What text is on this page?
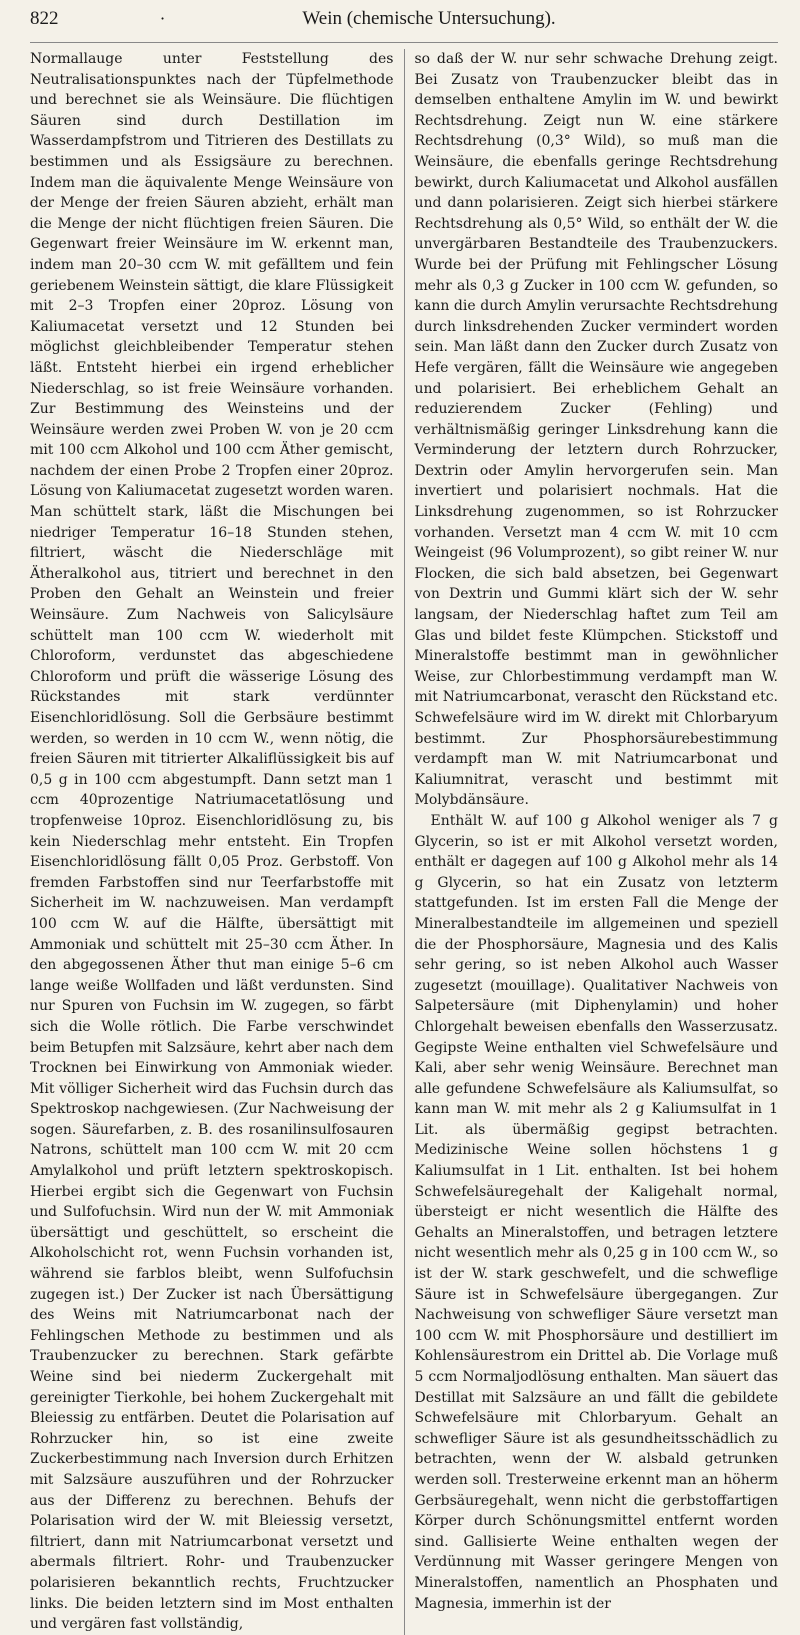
822	·	Wein (chemische Untersuchung).

Normallauge unter Feststellung des Neutralisationspunktes nach der Tüpfelmethode und berechnet sie als Weinsäure. Die flüchtigen Säuren sind durch Destillation im Wasserdampfstrom und Titrieren des Destillats zu bestimmen und als Essigsäure zu berechnen. Indem man die äquivalente Menge Weinsäure von der Menge der freien Säuren abzieht, erhält man die Menge der nicht flüchtigen freien Säuren. Die Gegenwart freier Weinsäure im W. erkennt man, indem man 20–30 ccm W. mit gefälltem und fein geriebenem Weinstein sättigt, die klare Flüssigkeit mit 2–3 Tropfen einer 20proz. Lösung von Kaliumacetat versetzt und 12 Stunden bei möglichst gleichbleibender Temperatur stehen läßt. Entsteht hierbei ein irgend erheblicher Niederschlag, so ist freie Weinsäure vorhanden. Zur Bestimmung des Weinsteins und der Weinsäure werden zwei Proben W. von je 20 ccm mit 100 ccm Alkohol und 100 ccm Äther gemischt, nachdem der einen Probe 2 Tropfen einer 20proz. Lösung von Kaliumacetat zugesetzt worden waren. Man schüttelt stark, läßt die Mischungen bei niedriger Temperatur 16–18 Stunden stehen, filtriert, wäscht die Niederschläge mit Ätheralkohol aus, titriert und berechnet in den Proben den Gehalt an Weinstein und freier Weinsäure. Zum Nachweis von Salicylsäure schüttelt man 100 ccm W. wiederholt mit Chloroform, verdunstet das abgeschiedene Chloroform und prüft die wässerige Lösung des Rückstandes mit stark verdünnter Eisenchloridlösung. Soll die Gerbsäure bestimmt werden, so werden in 10 ccm W., wenn nötig, die freien Säuren mit titrierter Alkaliflüssigkeit bis auf 0,5 g in 100 ccm abgestumpft. Dann setzt man 1 ccm 40prozentige Natriumacetatlösung und tropfenweise 10proz. Eisenchloridlösung zu, bis kein Niederschlag mehr entsteht. Ein Tropfen Eisenchloridlösung fällt 0,05 Proz. Gerbstoff. Von fremden Farbstoffen sind nur Teerfarbstoffe mit Sicherheit im W. nachzuweisen. Man verdampft 100 ccm W. auf die Hälfte, übersättigt mit Ammoniak und schüttelt mit 25–30 ccm Äther. In den abgegossenen Äther thut man einige 5–6 cm lange weiße Wollfaden und läßt verdunsten. Sind nur Spuren von Fuchsin im W. zugegen, so färbt sich die Wolle rötlich. Die Farbe verschwindet beim Betupfen mit Salzsäure, kehrt aber nach dem Trocknen bei Einwirkung von Ammoniak wieder. Mit völliger Sicherheit wird das Fuchsin durch das Spektroskop nachgewiesen. (Zur Nachweisung der sogen. Säurefarben, z. B. des rosanilinsulfosauren Natrons, schüttelt man 100 ccm W. mit 20 ccm Amylalkohol und prüft letztern spektroskopisch. Hierbei ergibt sich die Gegenwart von Fuchsin und Sulfofuchsin. Wird nun der W. mit Ammoniak übersättigt und geschüttelt, so erscheint die Alkoholschicht rot, wenn Fuchsin vorhanden ist, während sie farblos bleibt, wenn Sulfofuchsin zugegen ist.) Der Zucker ist nach Übersättigung des Weins mit Natriumcarbonat nach der Fehlingschen Methode zu bestimmen und als Traubenzucker zu berechnen. Stark gefärbte Weine sind bei niederm Zuckergehalt mit gereinigter Tierkohle, bei hohem Zuckergehalt mit Bleiessig zu entfärben. Deutet die Polarisation auf Rohrzucker hin, so ist eine zweite Zuckerbestimmung nach Inversion durch Erhitzen mit Salzsäure auszuführen und der Rohrzucker aus der Differenz zu berechnen. Behufs der Polarisation wird der W. mit Bleiessig versetzt, filtriert, dann mit Natriumcarbonat versetzt und abermals filtriert. Rohr- und Traubenzucker polarisieren bekanntlich rechts, Fruchtzucker links. Die beiden letztern sind im Most enthalten und vergären fast vollständig,

so daß der W. nur sehr schwache Drehung zeigt. Bei Zusatz von Traubenzucker bleibt das in demselben enthaltene Amylin im W. und bewirkt Rechtsdrehung. Zeigt nun W. eine stärkere Rechtsdrehung (0,3° Wild), so muß man die Weinsäure, die ebenfalls geringe Rechtsdrehung bewirkt, durch Kaliumacetat und Alkohol ausfällen und dann polarisieren. Zeigt sich hierbei stärkere Rechtsdrehung als 0,5° Wild, so enthält der W. die unvergärbaren Bestandteile des Traubenzuckers. Wurde bei der Prüfung mit Fehlingscher Lösung mehr als 0,3 g Zucker in 100 ccm W. gefunden, so kann die durch Amylin verursachte Rechtsdrehung durch linksdrehenden Zucker vermindert worden sein. Man läßt dann den Zucker durch Zusatz von Hefe vergären, fällt die Weinsäure wie angegeben und polarisiert. Bei erheblichem Gehalt an reduzierendem Zucker (Fehling) und verhältnismäßig geringer Linksdrehung kann die Verminderung der letztern durch Rohrzucker, Dextrin oder Amylin hervorgerufen sein. Man invertiert und polarisiert nochmals. Hat die Linksdrehung zugenommen, so ist Rohrzucker vorhanden. Versetzt man 4 ccm W. mit 10 ccm Weingeist (96 Volumprozent), so gibt reiner W. nur Flocken, die sich bald absetzen, bei Gegenwart von Dextrin und Gummi klärt sich der W. sehr langsam, der Niederschlag haftet zum Teil am Glas und bildet feste Klümpchen. Stickstoff und Mineralstoffe bestimmt man in gewöhnlicher Weise, zur Chlorbestimmung verdampft man W. mit Natriumcarbonat, verascht den Rückstand etc. Schwefelsäure wird im W. direkt mit Chlorbaryum bestimmt. Zur Phosphorsäurebestimmung verdampft man W. mit Natriumcarbonat und Kaliumnitrat, verascht und bestimmt mit Molybdänsäure.

Enthält W. auf 100 g Alkohol weniger als 7 g Glycerin, so ist er mit Alkohol versetzt worden, enthält er dagegen auf 100 g Alkohol mehr als 14 g Glycerin, so hat ein Zusatz von letzterm stattgefunden. Ist im ersten Fall die Menge der Mineralbestandteile im allgemeinen und speziell die der Phosphorsäure, Magnesia und des Kalis sehr gering, so ist neben Alkohol auch Wasser zugesetzt (mouillage). Qualitativer Nachweis von Salpetersäure (mit Diphenylamin) und hoher Chlorgehalt beweisen ebenfalls den Wasserzusatz. Gegipste Weine enthalten viel Schwefelsäure und Kali, aber sehr wenig Weinsäure. Berechnet man alle gefundene Schwefelsäure als Kaliumsulfat, so kann man W. mit mehr als 2 g Kaliumsulfat in 1 Lit. als übermäßig gegipst betrachten. Medizinische Weine sollen höchstens 1 g Kaliumsulfat in 1 Lit. enthalten. Ist bei hohem Schwefelsäuregehalt der Kaligehalt normal, übersteigt er nicht wesentlich die Hälfte des Gehalts an Mineralstoffen, und betragen letztere nicht wesentlich mehr als 0,25 g in 100 ccm W., so ist der W. stark geschwefelt, und die schweflige Säure ist in Schwefelsäure übergegangen. Zur Nachweisung von schwefliger Säure versetzt man 100 ccm W. mit Phosphorsäure und destilliert im Kohlensäurestrom ein Drittel ab. Die Vorlage muß 5 ccm Normaljodlösung enthalten. Man säuert das Destillat mit Salzsäure an und fällt die gebildete Schwefelsäure mit Chlorbaryum. Gehalt an schwefliger Säure ist als gesundheitsschädlich zu betrachten, wenn der W. alsbald getrunken werden soll. Tresterweine erkennt man an höherm Gerbsäuregehalt, wenn nicht die gerbstoffartigen Körper durch Schönungsmittel entfernt worden sind. Gallisierte Weine enthalten wegen der Verdünnung mit Wasser geringere Mengen von Mineralstoffen, namentlich an Phosphaten und Magnesia, immerhin ist der
